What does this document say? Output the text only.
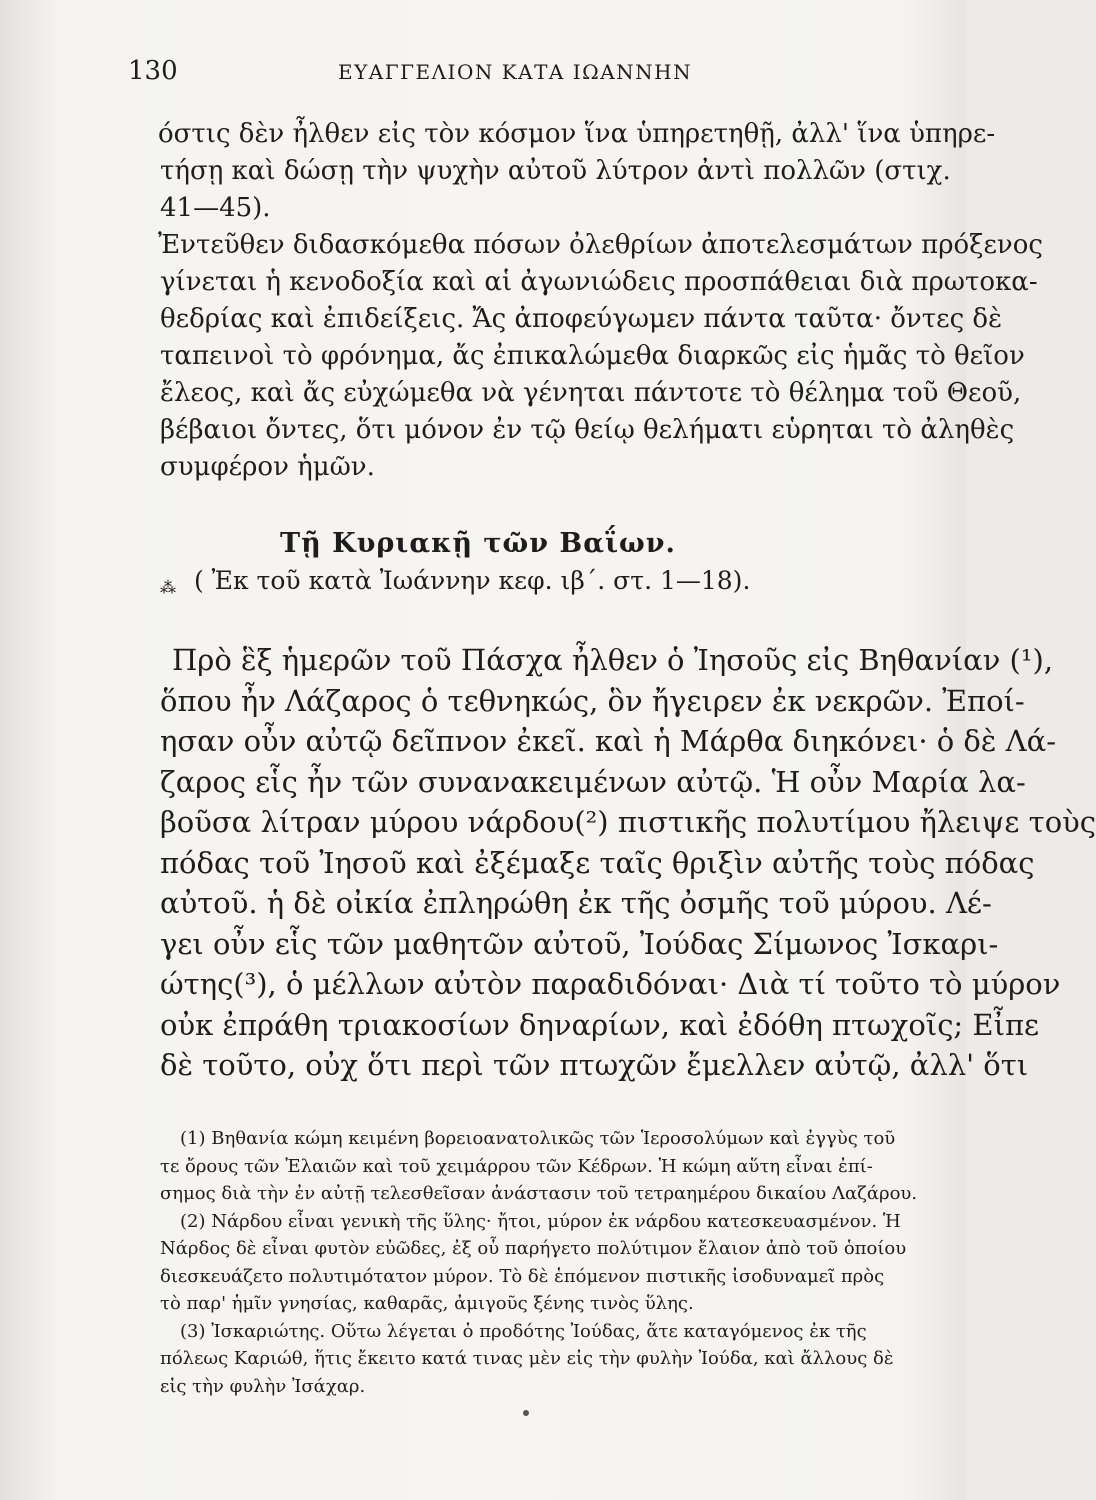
130	ΕΥΑΓΓΕΛΙΟΝ ΚΑΤΑ ΙΩΑΝΝΗΝ
όστις δὲν ἦλθεν εἰς τὸν κόσμον ἵνα ὑπηρετηθῇ, ἀλλ' ἵνα ὑπηρε-
τήσῃ καὶ δώσῃ τὴν ψυχὴν αὐτοῦ λύτρον ἀντὶ πολλῶν (στιχ.
41—45).
Ἐντεῦθεν διδασκόμεθα πόσων ὀλεθρίων ἀποτελεσμάτων πρόξενος
γίνεται ἡ κενοδοξία καὶ αἱ ἀγωνιώδεις προσπάθειαι διὰ πρωτοκα-
θεδρίας καὶ ἐπιδείξεις. Ἄς ἀποφεύγωμεν πάντα ταῦτα· ὄντες δὲ
ταπεινοὶ τὸ φρόνημα, ἄς ἐπικαλώμεθα διαρκῶς εἰς ἡμᾶς τὸ θεῖον
ἔλεος, καὶ ἄς εὐχώμεθα νὰ γένηται πάντοτε τὸ θέλημα τοῦ Θεοῦ,
βέβαιοι ὄντες, ὅτι μόνον ἐν τῷ θείῳ θελήματι εὑρηται τὸ ἀληθὲς
συμφέρον ἡμῶν.
Τῇ Κυριακῇ τῶν Βαΐων.
⁂ ( Ἐκ τοῦ κατὰ Ἰωάννην κεφ. ιβ΄. στ. 1—18).
Πρὸ ἓξ ἡμερῶν τοῦ Πάσχα ἦλθεν ὁ Ἰησοῦς εἰς Βηθανίαν (¹),
ὅπου ἦν Λάζαρος ὁ τεθνηκώς, ὃν ἤγειρεν ἐκ νεκρῶν. Ἐποί-
ησαν οὖν αὐτῷ δεῖπνον ἐκεῖ. καὶ ἡ Μάρθα διηκόνει· ὁ δὲ Λά-
ζαρος εἷς ἦν τῶν συνανακειμένων αὐτῷ. Ἡ οὖν Μαρία λα-
βοῦσα λίτραν μύρου νάρδου(²) πιστικῆς πολυτίμου ἤλειψε τοὺς
πόδας τοῦ Ἰησοῦ καὶ ἐξέμαξε ταῖς θριξὶν αὐτῆς τοὺς πόδας
αὐτοῦ. ἡ δὲ οἰκία ἐπληρώθη ἐκ τῆς ὀσμῆς τοῦ μύρου. Λέ-
γει οὖν εἷς τῶν μαθητῶν αὐτοῦ, Ἰούδας Σίμωνος Ἰσκαρι-
ώτης(³), ὁ μέλλων αὐτὸν παραδιδόναι· Διὰ τί τοῦτο τὸ μύρον
οὐκ ἐπράθη τριακοσίων δηναρίων, καὶ ἐδόθη πτωχοῖς; Εἶπε
δὲ τοῦτο, οὐχ ὅτι περὶ τῶν πτωχῶν ἔμελλεν αὐτῷ, ἀλλ' ὅτι
(1) Βηθανία κώμη κειμένη βορειοανατολικῶς τῶν Ἱεροσολύμων καὶ ἐγγὺς τοῦ
τε ὄρους τῶν Ἐλαιῶν καὶ τοῦ χειμάρρου τῶν Κέδρων. Ἡ κώμη αὕτη εἶναι ἐπί-
σημος διὰ τὴν ἐν αὐτῇ τελεσθεῖσαν ἀνάστασιν τοῦ τετραημέρου δικαίου Λαζάρου.
(2) Νάρδου εἶναι γενικὴ τῆς ὕλης· ἤτοι, μύρον ἐκ νάρδου κατεσκευασμένον. Ἡ
Νάρδος δὲ εἶναι φυτὸν εὐῶδες, ἐξ οὗ παρήγετο πολύτιμον ἔλαιον ἀπὸ τοῦ ὁποίου
διεσκευάζετο πολυτιμότατον μύρον. Τὸ δὲ ἑπόμενον πιστικῆς ἰσοδυναμεῖ πρὸς
τὸ παρ' ἡμῖν γνησίας, καθαρᾶς, ἀμιγοῦς ξένης τινὸς ὕλης.
(3) Ἰσκαριώτης. Οὕτω λέγεται ὁ προδότης Ἰούδας, ἅτε καταγόμενος ἐκ τῆς
πόλεως Καριώθ, ἥτις ἔκειτο κατά τινας μὲν εἰς τὴν φυλὴν Ἰούδα, καὶ ἄλλους δὲ
εἰς τὴν φυλὴν Ἰσάχαρ.
